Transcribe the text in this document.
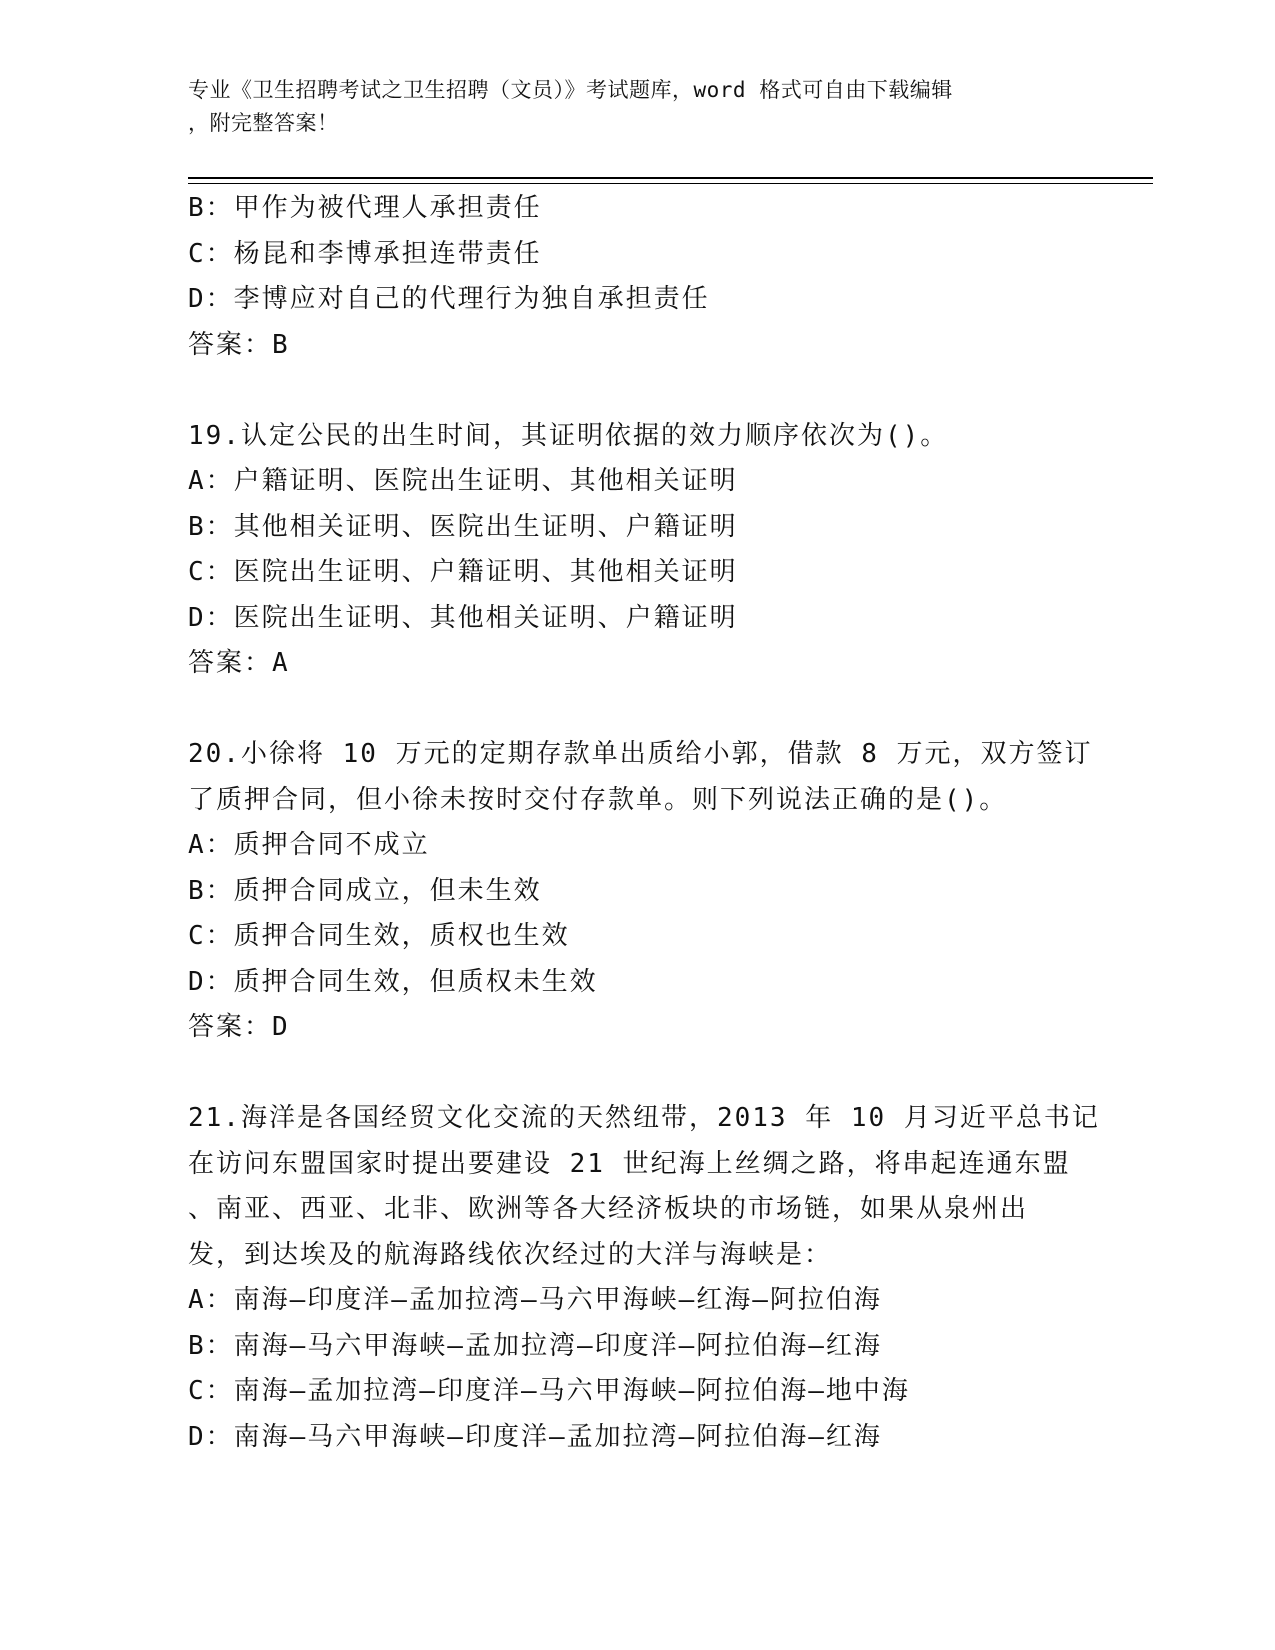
专业《卫生招聘考试之卫生招聘（文员）》考试题库，word 格式可自由下载编辑
，附完整答案！

B：甲作为被代理人承担责任

C：杨昆和李博承担连带责任

D：李博应对自己的代理行为独自承担责任

答案：B

19.认定公民的出生时间，其证明依据的效力顺序依次为()。

A：户籍证明、医院出生证明、其他相关证明

B：其他相关证明、医院出生证明、户籍证明

C：医院出生证明、户籍证明、其他相关证明

D：医院出生证明、其他相关证明、户籍证明

答案：A

20.小徐将 10 万元的定期存款单出质给小郭，借款 8 万元，双方签订

了质押合同，但小徐未按时交付存款单。则下列说法正确的是()。

A：质押合同不成立

B：质押合同成立，但未生效

C：质押合同生效，质权也生效

D：质押合同生效，但质权未生效

答案：D

21.海洋是各国经贸文化交流的天然纽带，2013 年 10 月习近平总书记

在访问东盟国家时提出要建设 21 世纪海上丝绸之路，将串起连通东盟

、南亚、西亚、北非、欧洲等各大经济板块的市场链，如果从泉州出

发，到达埃及的航海路线依次经过的大洋与海峡是：

A：南海—印度洋—孟加拉湾—马六甲海峡—红海—阿拉伯海

B：南海—马六甲海峡—孟加拉湾—印度洋—阿拉伯海—红海

C：南海—孟加拉湾—印度洋—马六甲海峡—阿拉伯海—地中海

D：南海—马六甲海峡—印度洋—孟加拉湾—阿拉伯海—红海
